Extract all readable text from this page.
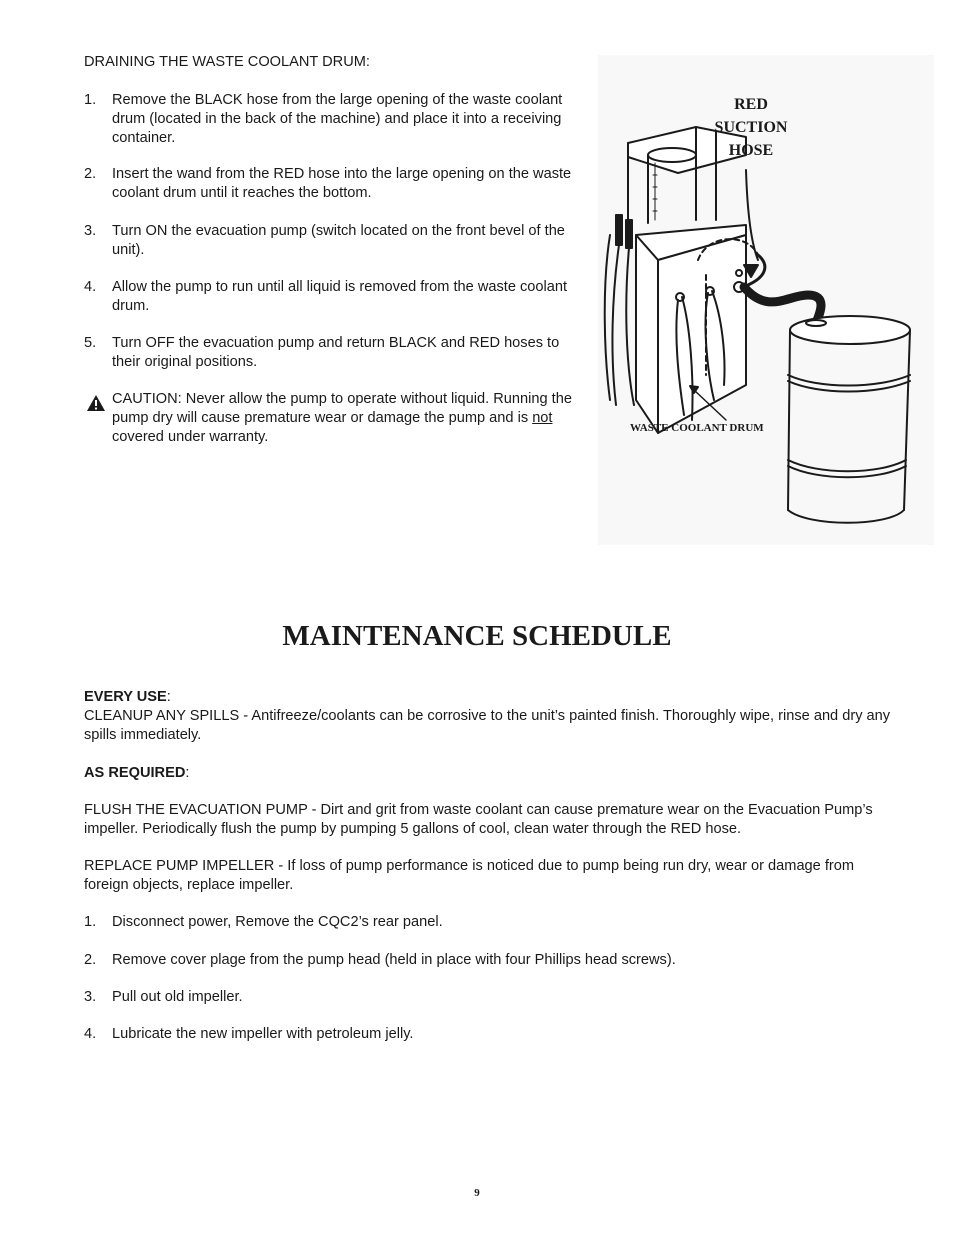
DRAINING THE WASTE COOLANT DRUM:
1. Remove the BLACK hose from the large opening of the waste coolant drum (located in the back of the machine) and place it into a receiving container.
2. Insert the wand from the RED hose into the large opening on the waste coolant drum until it reaches the bottom.
3. Turn ON the evacuation pump (switch located on the front bevel of the unit).
4. Allow the pump to run until all liquid is removed from the waste coolant drum.
5. Turn OFF the evacuation pump and return BLACK and RED hoses to their original positions.
CAUTION: Never allow the pump to operate without liquid. Running the pump dry will cause premature wear or damage the pump and is not covered under warranty.
RED
SUCTION
HOSE
WASTE COOLANT DRUM
MAINTENANCE SCHEDULE
EVERY USE:
CLEANUP ANY SPILLS - Antifreeze/coolants can be corrosive to the unit’s painted finish. Thoroughly wipe, rinse and dry any spills immediately.
AS REQUIRED:
FLUSH THE EVACUATION PUMP - Dirt and grit from waste coolant can cause premature wear on the Evacuation Pump’s impeller. Periodically flush the pump by pumping 5 gallons of cool, clean water through the RED hose.
REPLACE PUMP IMPELLER - If loss of pump performance is noticed due to pump being run dry, wear or damage from foreign objects, replace impeller.
1. Disconnect power, Remove the CQC2’s rear panel.
2. Remove cover plage from the pump head (held in place with four Phillips head screws).
3. Pull out old impeller.
4. Lubricate the new impeller with petroleum jelly.
9
